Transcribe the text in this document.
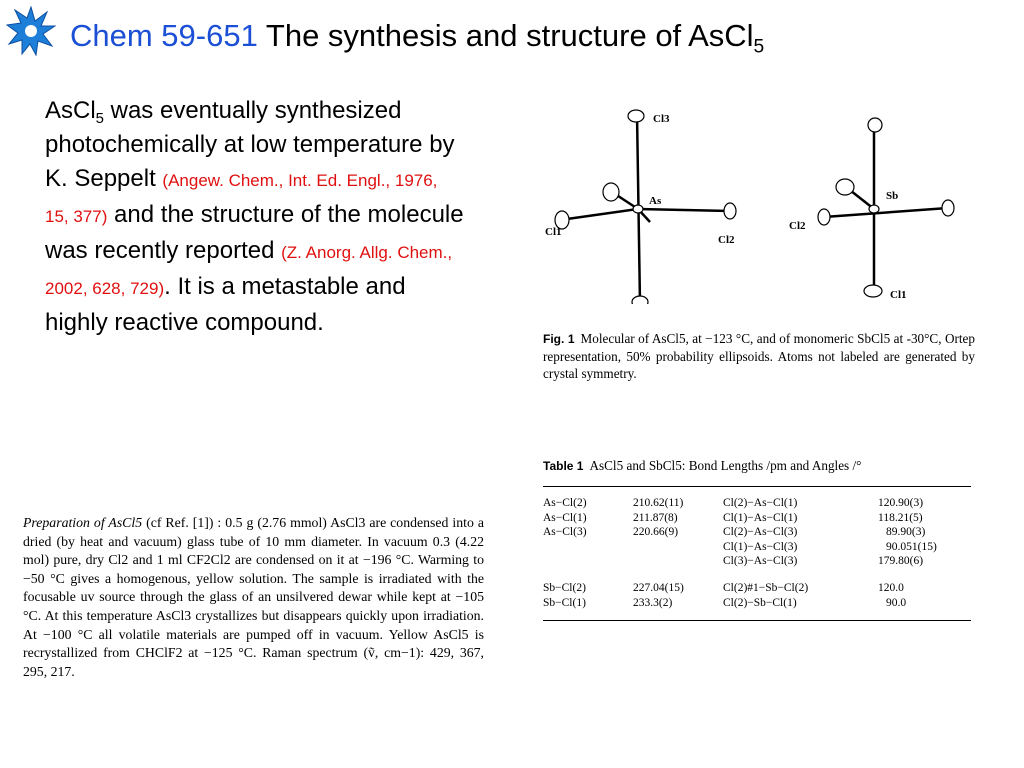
Chem 59-651 The synthesis and structure of AsCl$_5$
AsCl$_5$ was eventually synthesized photochemically at low temperature by K. Seppelt (Angew. Chem., Int. Ed. Engl., 1976, 15, 377) and the structure of the molecule was recently reported (Z. Anorg. Allg. Chem., 2002, 628, 729). It is a metastable and highly reactive compound.
Cl3
As
Cl1
Cl2
Sb
Cl2
Cl1
Fig. 1 Molecular of AsCl5, at −123 °C, and of monomeric SbCl5 at -30°C, Ortep representation, 50% probability ellipsoids. Atoms not labeled are generated by crystal symmetry.
Table 1 AsCl5 and SbCl5: Bond Lengths /pm and Angles /°
As−Cl(2)	210.62(11)	Cl(2)−As−Cl(1)	120.90(3)
As−Cl(1)	211.87(8)	Cl(1)−As−Cl(1)	118.21(5)
As−Cl(3)	220.66(9)	Cl(2)−As−Cl(3)	89.90(3)
		Cl(1)−As−Cl(3)	90.051(15)
		Cl(3)−As−Cl(3)	179.80(6)

Sb−Cl(2)	227.04(15)	Cl(2)#1−Sb−Cl(2)	120.0
Sb−Cl(1)	233.3(2)	Cl(2)−Sb−Cl(1)	90.0
Preparation of AsCl5 (cf Ref. [1]) : 0.5 g (2.76 mmol) AsCl3 are condensed into a dried (by heat and vacuum) glass tube of 10 mm diameter. In vacuum 0.3 (4.22 mol) pure, dry Cl2 and 1 ml CF2Cl2 are condensed on it at −196 °C. Warming to −50 °C gives a homogenous, yellow solution. The sample is irradiated with the focusable uv source through the glass of an unsilvered dewar while kept at −105 °C. At this temperature AsCl3 crystallizes but disappears quickly upon irradiation. At −100 °C all volatile materials are pumped off in vacuum. Yellow AsCl5 is recrystallized from CHClF2 at −125 °C. Raman spectrum (ṽ, cm−1): 429, 367, 295, 217.
